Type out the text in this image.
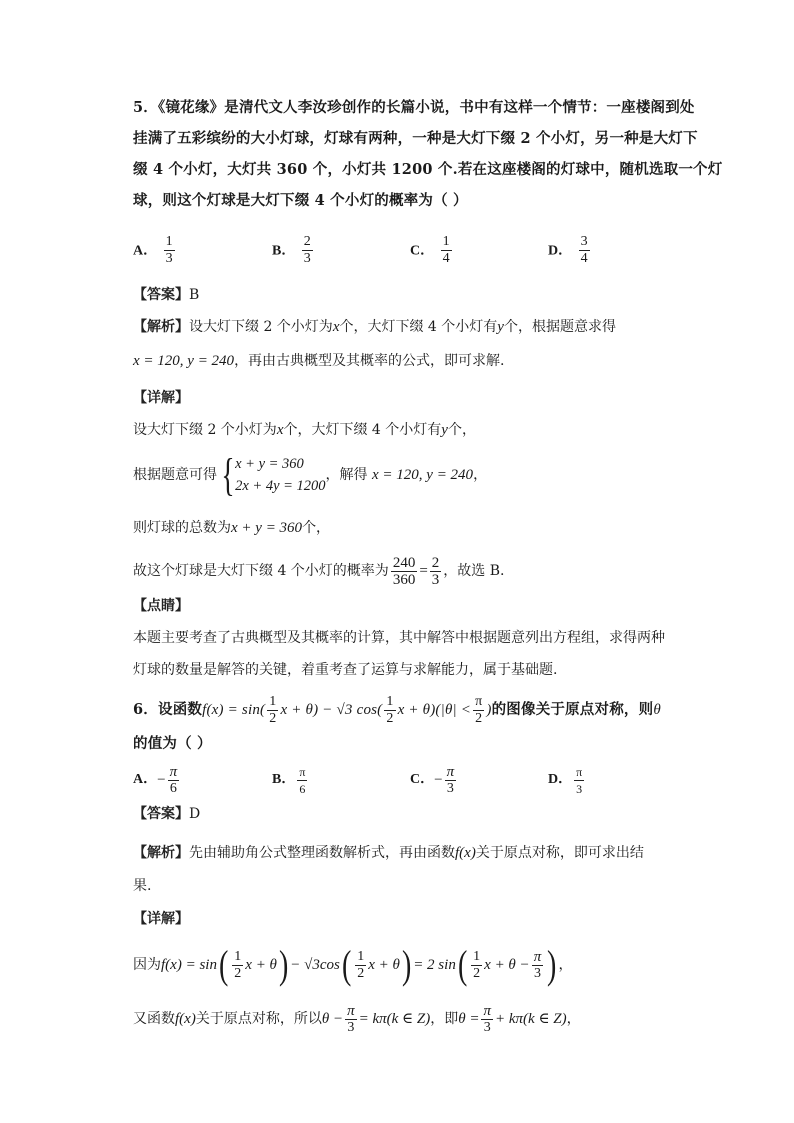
5．《镜花缘》是清代文人李汝珍创作的长篇小说，书中有这样一个情节：一座楼阁到处
挂满了五彩缤纷的大小灯球，灯球有两种，一种是大灯下缀 2 个小灯，另一种是大灯下
缀 4 个小灯，大灯共 360 个，小灯共 1200 个.若在这座楼阁的灯球中，随机选取一个灯
球，则这个灯球是大灯下缀 4 个小灯的概率为（ ）
A． $\frac{1}{3}$	B． $\frac{2}{3}$	C． $\frac{1}{4}$	D． $\frac{3}{4}$
【答案】B
【解析】设大灯下缀 2 个小灯为x个，大灯下缀 4 个小灯有y个，根据题意求得
x = 120, y = 240，再由古典概型及其概率的公式，即可求解.
【详解】
设大灯下缀 2 个小灯为x个，大灯下缀 4 个小灯有y个，
根据题意可得{ x + y = 360
2x + 4y = 1200
，解得 x = 120, y = 240，
则灯球的总数为x + y = 360个，
故这个灯球是大灯下缀 4 个小灯的概率为 $\frac{240}{360} = \frac{2}{3}$ ，故选 B.
【点睛】
本题主要考查了古典概型及其概率的计算，其中解答中根据题意列出方程组，求得两种
灯球的数量是解答的关键，着重考查了运算与求解能力，属于基础题.
6．设函数$f(x) = \sin( \frac{1}{2}$ x + θ) − √3 $\cos( \frac{1}{2}$ $x + \theta)(|\theta| < \frac{\pi}{2}$ )的图像关于原点对称，则θ
的值为（ ）
A．− $\frac{\pi}{6}$	B． $\frac{\pi}{6}$	C．− $\frac{\pi}{3}$	D． $\frac{\pi}{3}$
【答案】D
【解析】先由辅助角公式整理函数解析式，再由函数f(x)关于原点对称，即可求出结
果.
【详解】
因为$f(x) = \sin( \frac{1}{2}$ $x + \theta) - √3\cos( \frac{1}{2}$ x + θ) = 2 $\sin( \frac{1}{2}$ $x + \theta - \frac{\pi}{3}$ ) ，
又函数f(x)关于原点对称，所以$\theta - \frac{\pi}{3} = k\pi(k$ ∈ Z)，即$\theta = \frac{\pi}{3} + k\pi(k$ ∈ Z)，
